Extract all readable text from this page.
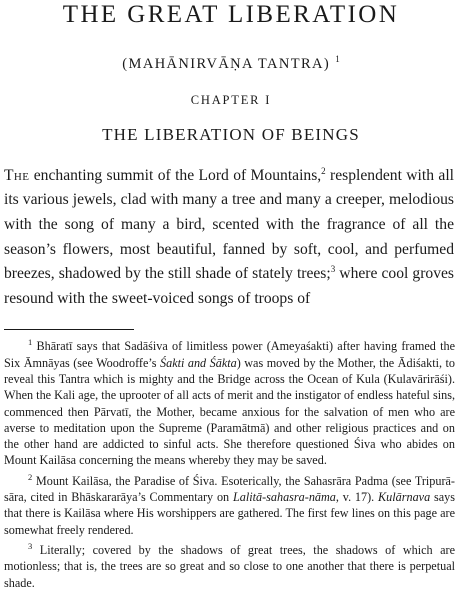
THE GREAT LIBERATION
(MAHĀNIRVĀṆA TANTRA) $^1$
CHAPTER I
THE LIBERATION OF BEINGS
The enchanting summit of the Lord of Mountains,$^2$ resplendent with all its various jewels, clad with many a tree and many a creeper, melodious with the song of many a bird, scented with the fragrance of all the season’s flowers, most beautiful, fanned by soft, cool, and perfumed breezes, shadowed by the still shade of stately trees;$^3$ where cool groves resound with the sweet-voiced songs of troops of

$^1$ Bhāratī says that Sadāśiva of limitless power (Ameyaśakti) after having framed the Six Āmnāyas (see Woodroffe’s Śakti and Śākta) was moved by the Mother, the Ādiśakti, to reveal this Tantra which is mighty and the Bridge across the Ocean of Kula (Kulavārirāśi). When the Kali age, the uprooter of all acts of merit and the instigator of endless hateful sins, commenced then Pārvatī, the Mother, became anxious for the salvation of men who are averse to meditation upon the Supreme (Paramātmā) and other religious practices and on the other hand are addicted to sinful acts. She therefore questioned Śiva who abides on Mount Kailāsa concerning the means whereby they may be saved.

$^2$ Mount Kailāsa, the Paradise of Śiva. Esoterically, the Sahasrāra Padma (see Tripurā-sāra, cited in Bhāskararāya’s Commentary on Lalitā-sahasra-nāma, v. 17). Kulārnava says that there is Kailāsa where His worshippers are gathered. The first few lines on this page are somewhat freely rendered.

$^3$ Literally; covered by the shadows of great trees, the shadows of which are motionless; that is, the trees are so great and so close to one another that there is perpetual shade.
